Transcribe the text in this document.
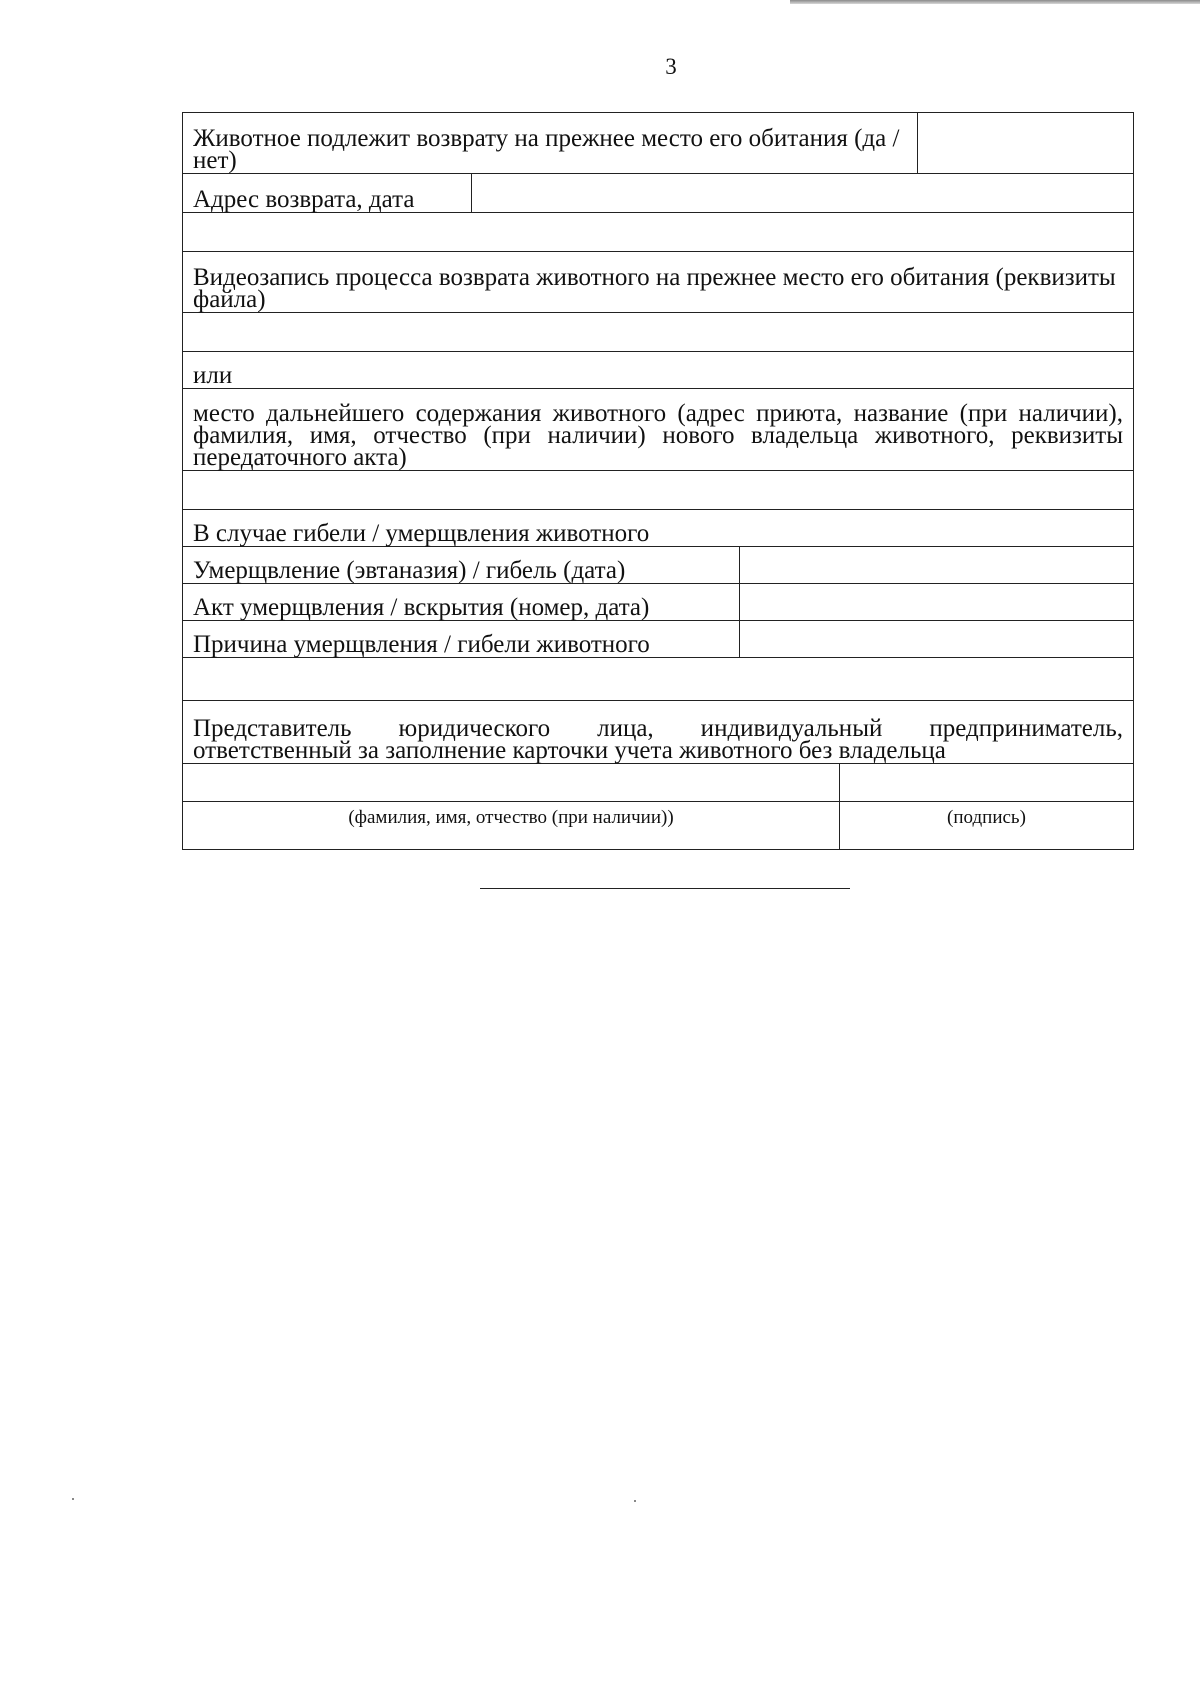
3
Животное подлежит возврату на прежнее место его обитания (да / нет)
Адрес возврата, дата
Видеозапись процесса возврата животного на прежнее место его обитания (реквизиты файла)
или
место дальнейшего содержания животного (адрес приюта, название (при наличии), фамилия, имя, отчество (при наличии) нового владельца животного, реквизиты передаточного акта)
В случае гибели / умерщвления животного
Умерщвление (эвтаназия) / гибель (дата)
Акт умерщвления / вскрытия (номер, дата)
Причина умерщвления / гибели животного
Представитель юридического лица, индивидуальный предприниматель, ответственный за заполнение карточки учета животного без владельца
(фамилия, имя, отчество (при наличии))	(подпись)
